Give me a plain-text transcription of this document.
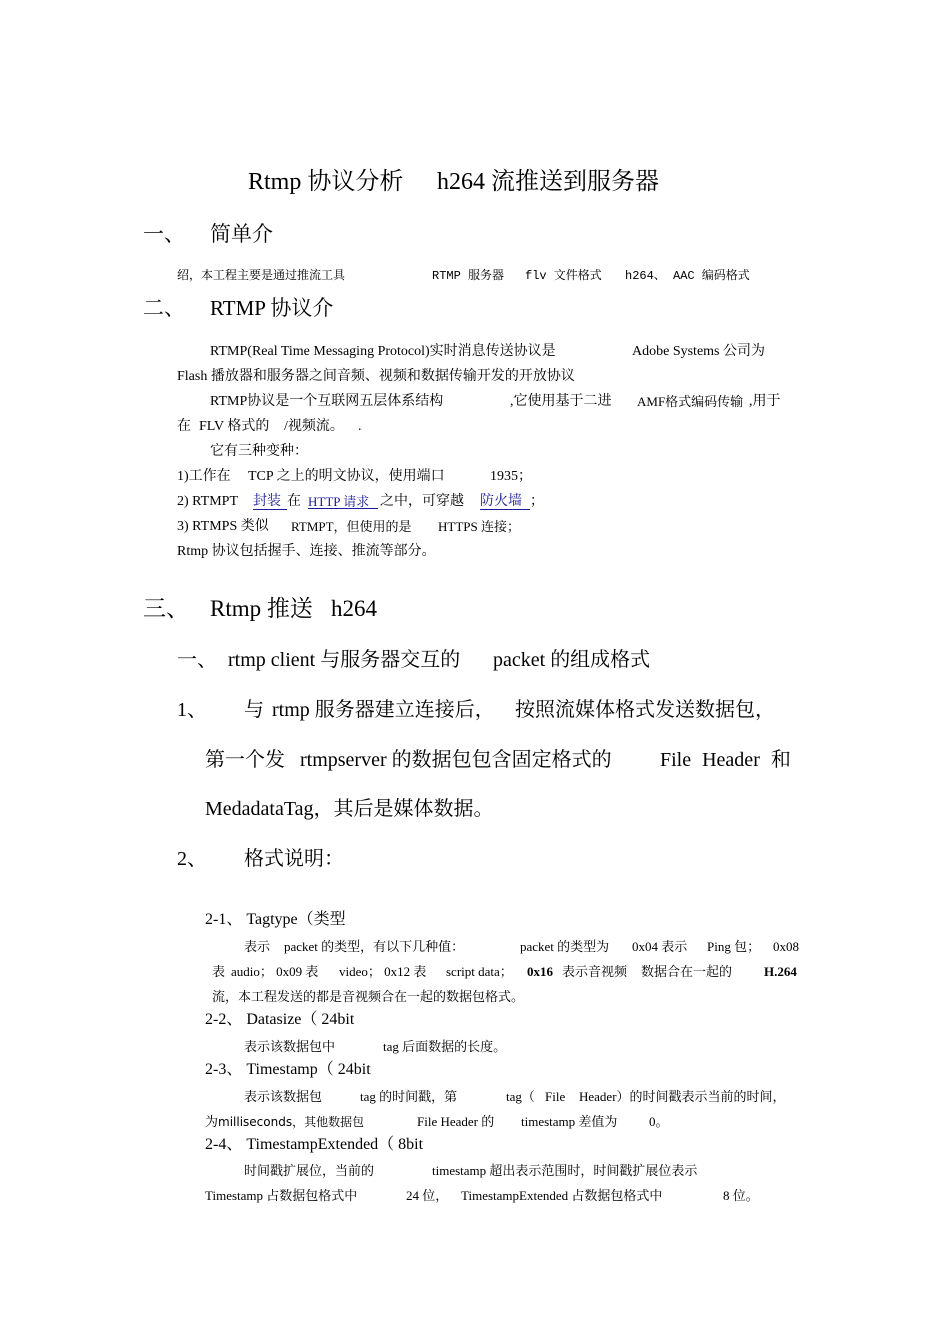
Rtmp 协议分析 h264 流推送到服务器
一、 简单介
绍，本工程主要是通过推流工具	RTMP 服务器 flv 文件格式 h264、 AAC 编码格式
二、 RTMP 协议介
RTMP(Real Time Messaging Protocol)实时消息传送协议是	Adobe Systems 公司为
Flash 播放器和服务器之间音频、视频和数据传输开发的开放协议
RTMP协议是一个互联网五层体系结构	,它使用基于二进 AMF格式编码传输 ,用于
在 FLV 格式的 /视频流。 .
它有三种变种：
1)工作在 TCP 之上的明文协议，使用端口	1935；
2) RTMPT 封装 在 HTTP 请求 之中，可穿越 防火墙 ；
3) RTMPS 类似 RTMPT，但使用的是 HTTPS 连接；
Rtmp 协议包括握手、连接、推流等部分。
三、 Rtmp 推送 h264
一、 rtmp client 与服务器交互的 packet 的组成格式
1、 与 rtmp 服务器建立连接后， 按照流媒体格式发送数据包，
第一个发 rtmpserver 的数据包包含固定格式的 File Header 和
MedadataTag，其后是媒体数据。
2、 格式说明：
2-1、 Tagtype（类型
表示 packet 的类型，有以下几种值：	packet 的类型为 0x04 表示 Ping 包； 0x08
表 audio； 0x09 表 video； 0x12 表 script data； 0x16 表示音视频 数据合在一起的 H.264
流，本工程发送的都是音视频合在一起的数据包格式。
2-2、 Datasize（ 24bit
表示该数据包中	tag 后面数据的长度。
2-3、 Timestamp（ 24bit
表示该数据包	tag 的时间戳，第	tag（ File Header）的时间戳表示当前的时间，
为 milliseconds，其他数据包	File Header 的 timestamp 差值为 0。
2-4、 TimestampExtended（ 8bit
时间戳扩展位，当前的	timestamp 超出表示范围时，时间戳扩展位表示
Timestamp 占数据包格式中	24 位， TimestampExtended 占数据包格式中	8 位。
